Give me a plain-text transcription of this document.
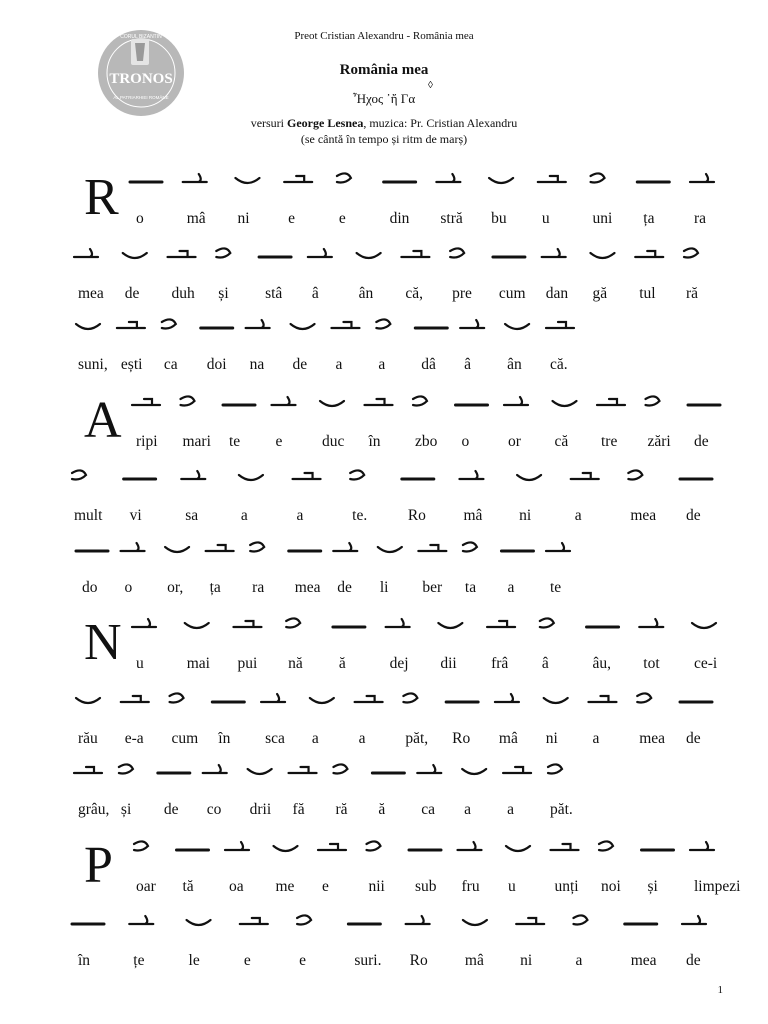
Preot Cristian Alexandru - România mea
TRONOS
CORUL BIZANTIN
AL PATRIARHIEI ROMÂNE
România mea
◊
Ἦχος ᾽ἤ Γα
versuri George Lesnea, muzica: Pr. Cristian Alexandru
(se cântă în tempo și ritm de marș)
R o	mâ ni e	e	din stră bu u	uni ța	ra
mea de duh și stâ â	ân că, pre cum dan gă tul ră
suni, ești ca doi na de a a dâ â ân că.
A ripi mari te e	duc în zbo o	or că tre zări de
mult vi	sa	a	a	te.	Ro mâ ni	a	mea de
do o or, ța ra mea de li ber ta a te
N u	mai pui nă ă	dej dii frâ â	âu, tot ce-i
rău e-a cum în sca a	a	păt, Ro mâ ni a	mea de
grâu, și de co drii fă ră ă ca a a păt.
P oar tă oa me e	nii sub fru u	unți noi și limpezi
în	țe	le	e	e	suri. Ro mâ ni	a	mea de
1
